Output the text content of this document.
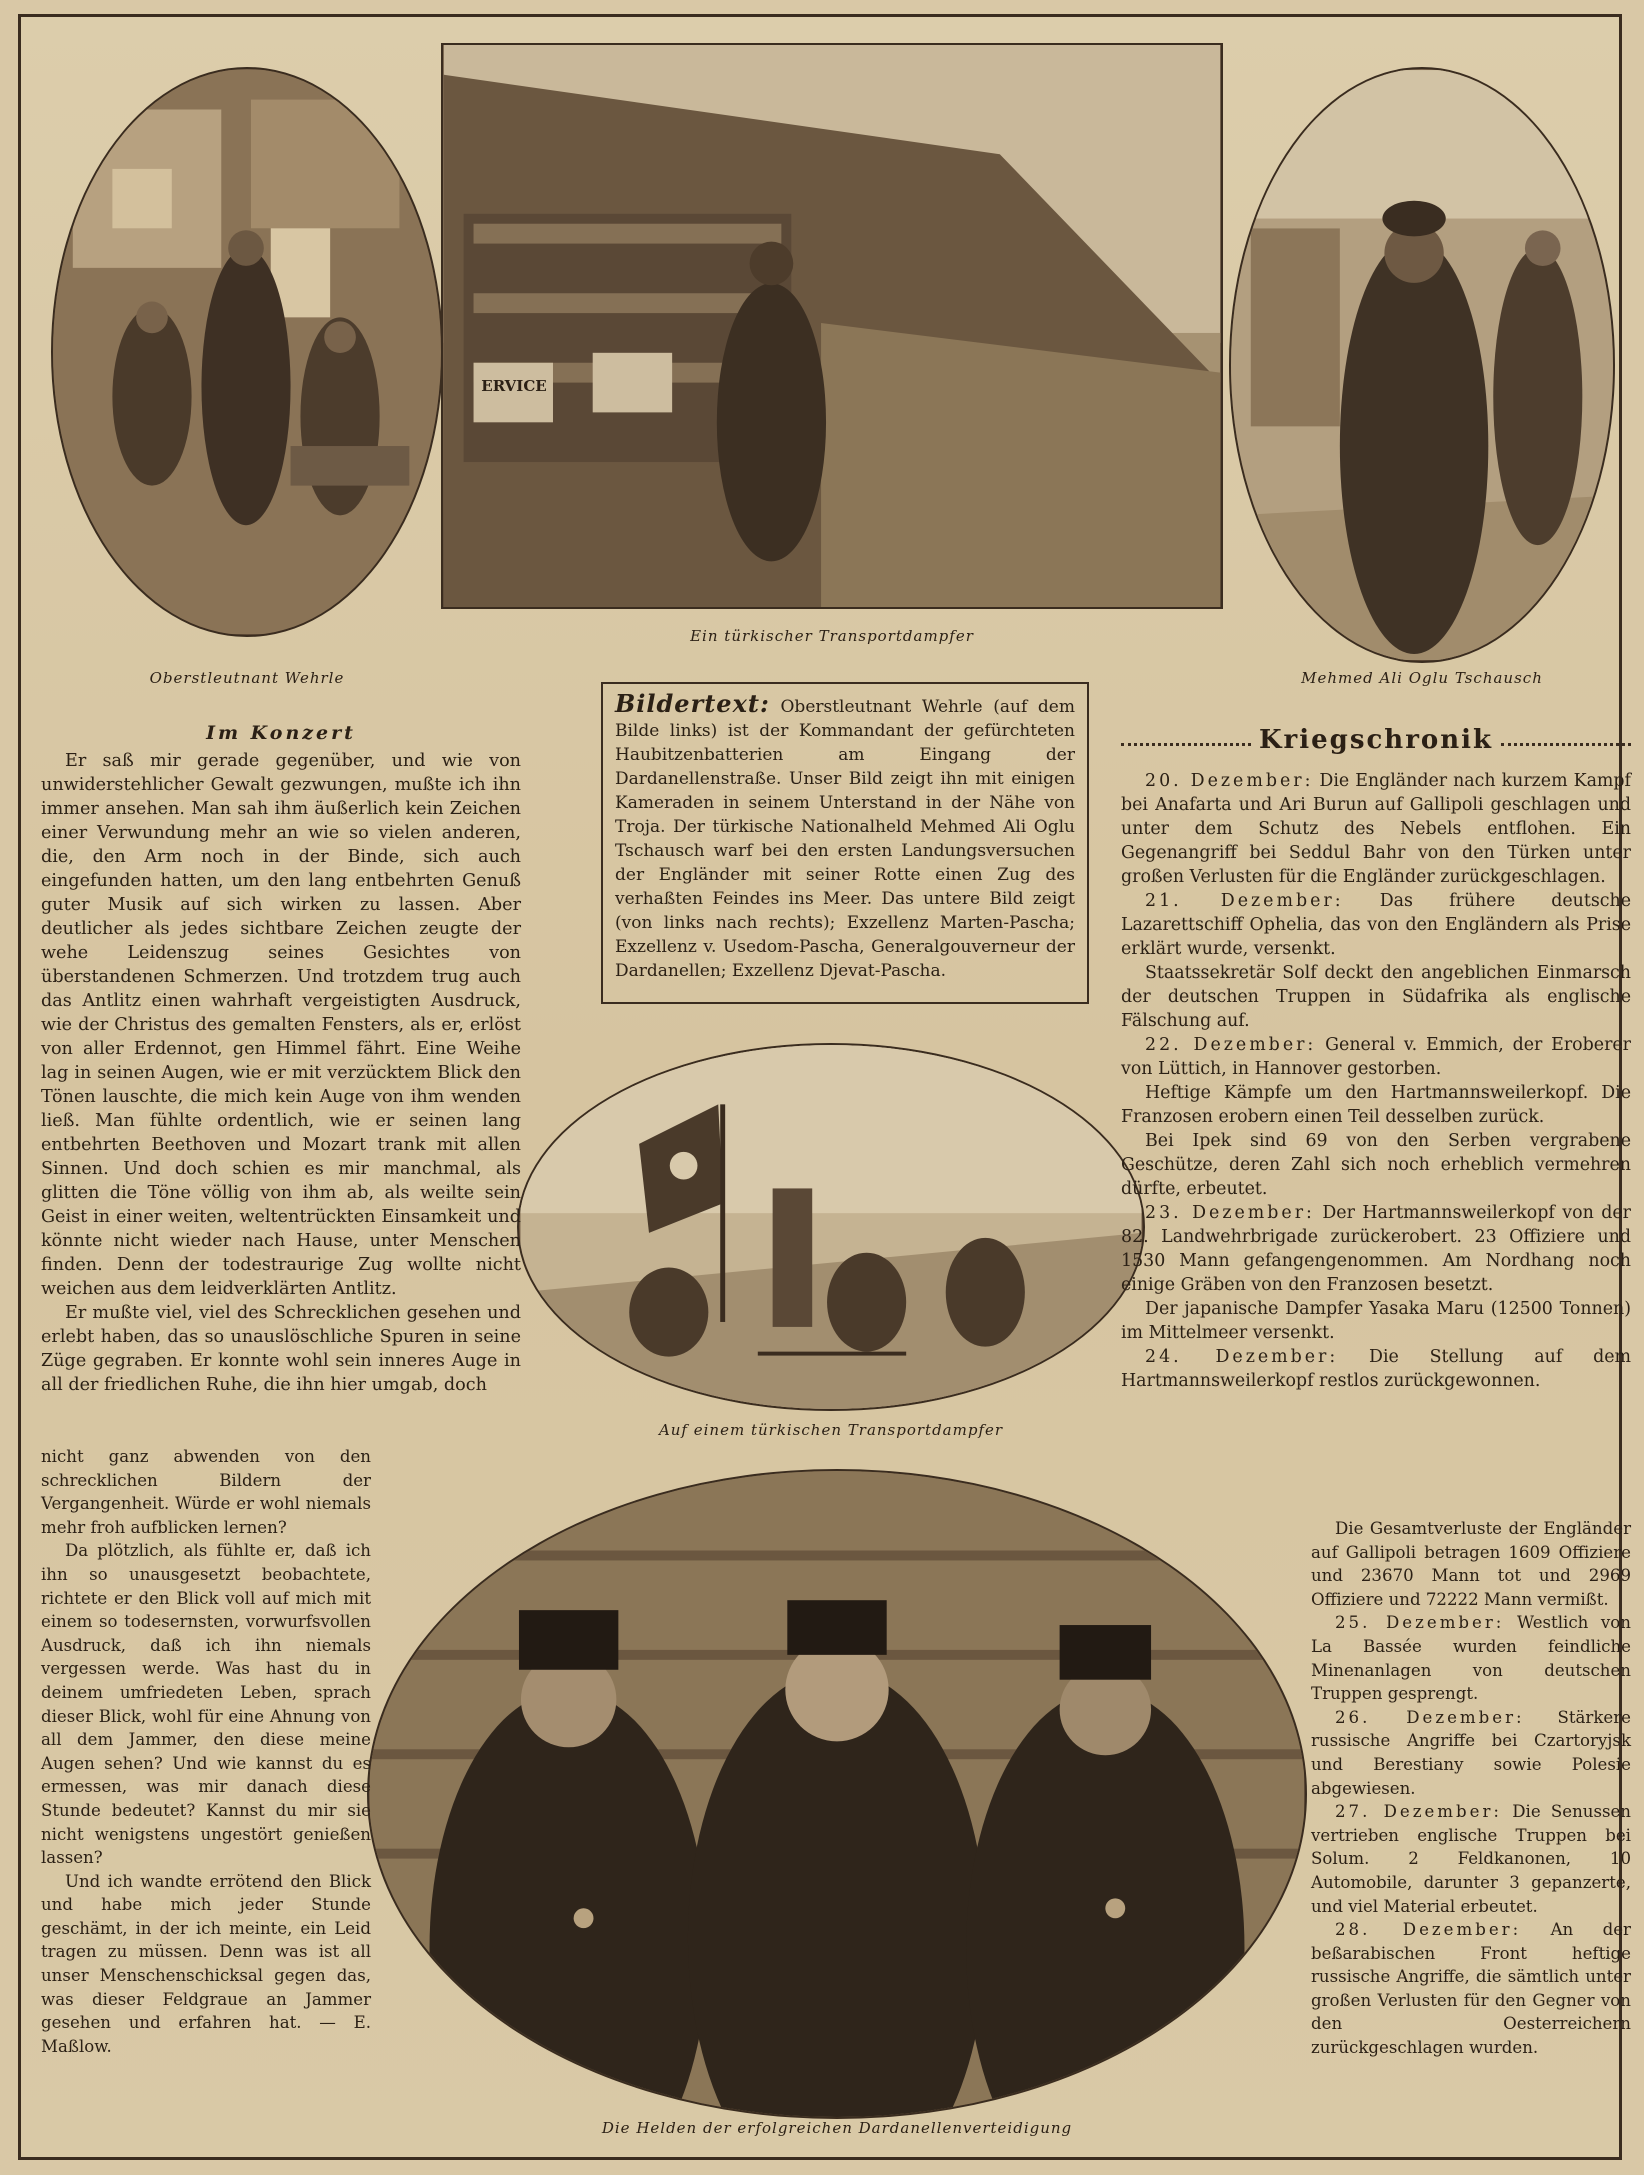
Oberstleutnant Wehrle
ERVICE
Ein türkischer Transportdampfer
Mehmed Ali Oglu Tschausch
Bildertext: Oberstleutnant Wehrle (auf dem Bilde links) ist der Kommandant der gefürchteten Haubitzenbatterien am Eingang der Dardanellenstraße. Unser Bild zeigt ihn mit einigen Kameraden in seinem Unterstand in der Nähe von Troja. Der türkische Nationalheld Mehmed Ali Oglu Tschausch warf bei den ersten Landungsversuchen der Engländer mit seiner Rotte einen Zug des verhaßten Feindes ins Meer. Das untere Bild zeigt (von links nach rechts); Exzellenz Marten-Pascha; Exzellenz v. Usedom-Pascha, Generalgouverneur der Dardanellen; Exzellenz Djevat-Pascha.
Auf einem türkischen Transportdampfer
Die Helden der erfolgreichen Dardanellenverteidigung

Im Konzert

Er saß mir gerade gegenüber, und wie von unwiderstehlicher Gewalt gezwungen, mußte ich ihn immer ansehen. Man sah ihm äußerlich kein Zeichen einer Verwundung mehr an wie so vielen anderen, die, den Arm noch in der Binde, sich auch eingefunden hatten, um den lang entbehrten Genuß guter Musik auf sich wirken zu lassen. Aber deutlicher als jedes sichtbare Zeichen zeugte der wehe Leidenszug seines Gesichtes von überstandenen Schmerzen. Und trotzdem trug auch das Antlitz einen wahrhaft vergeistigten Ausdruck, wie der Christus des gemalten Fensters, als er, erlöst von aller Erdennot, gen Himmel fährt. Eine Weihe lag in seinen Augen, wie er mit verzücktem Blick den Tönen lauschte, die mich kein Auge von ihm wenden ließ. Man fühlte ordentlich, wie er seinen lang entbehrten Beethoven und Mozart trank mit allen Sinnen. Und doch schien es mir manchmal, als glitten die Töne völlig von ihm ab, als weilte sein Geist in einer weiten, weltentrückten Einsamkeit und könnte nicht wieder nach Hause, unter Menschen finden. Denn der todestraurige Zug wollte nicht weichen aus dem leidverklärten Antlitz.

Er mußte viel, viel des Schrecklichen gesehen und erlebt haben, das so unauslöschliche Spuren in seine Züge gegraben. Er konnte wohl sein inneres Auge in all der friedlichen Ruhe, die ihn hier umgab, doch

nicht ganz abwenden von den schrecklichen Bildern der Vergangenheit. Würde er wohl niemals mehr froh aufblicken lernen?

Da plötzlich, als fühlte er, daß ich ihn so unausgesetzt beobachtete, richtete er den Blick voll auf mich mit einem so todesernsten, vorwurfsvollen Ausdruck, daß ich ihn niemals vergessen werde. Was hast du in deinem umfriedeten Leben, sprach dieser Blick, wohl für eine Ahnung von all dem Jammer, den diese meine Augen sehen? Und wie kannst du es ermessen, was mir danach diese Stunde bedeutet? Kannst du mir sie nicht wenigstens ungestört genießen lassen?

Und ich wandte errötend den Blick und habe mich jeder Stunde geschämt, in der ich meinte, ein Leid tragen zu müssen. Denn was ist all unser Menschenschicksal gegen das, was dieser Feldgraue an Jammer gesehen und erfahren hat. — E. Maßlow.

Kriegschronik

20. Dezember: Die Engländer nach kurzem Kampf bei Anafarta und Ari Burun auf Gallipoli geschlagen und unter dem Schutz des Nebels entflohen. Ein Gegenangriff bei Seddul Bahr von den Türken unter großen Verlusten für die Engländer zurückgeschlagen.

21. Dezember: Das frühere deutsche Lazarettschiff Ophelia, das von den Engländern als Prise erklärt wurde, versenkt.

Staatssekretär Solf deckt den angeblichen Einmarsch der deutschen Truppen in Südafrika als englische Fälschung auf.

22. Dezember: General v. Emmich, der Eroberer von Lüttich, in Hannover gestorben.

Heftige Kämpfe um den Hartmannsweilerkopf. Die Franzosen erobern einen Teil desselben zurück.

Bei Ipek sind 69 von den Serben vergrabene Geschütze, deren Zahl sich noch erheblich vermehren dürfte, erbeutet.

23. Dezember: Der Hartmannsweilerkopf von der 82. Landwehrbrigade zurückerobert. 23 Offiziere und 1530 Mann gefangengenommen. Am Nordhang noch einige Gräben von den Franzosen besetzt.

Der japanische Dampfer Yasaka Maru (12500 Tonnen) im Mittelmeer versenkt.

24. Dezember: Die Stellung auf dem Hartmannsweilerkopf restlos zurückgewonnen.

Die Gesamtverluste der Engländer auf Gallipoli betragen 1609 Offiziere und 23670 Mann tot und 2969 Offiziere und 72222 Mann vermißt.

25. Dezember: Westlich von La Bassée wurden feindliche Minenanlagen von deutschen Truppen gesprengt.

26. Dezember: Stärkere russische Angriffe bei Czartoryjsk und Berestiany sowie Polesie abgewiesen.

27. Dezember: Die Senussen vertrieben englische Truppen bei Solum. 2 Feldkanonen, 10 Automobile, darunter 3 gepanzerte, und viel Material erbeutet.

28. Dezember: An der beßarabischen Front heftige russische Angriffe, die sämtlich unter großen Verlusten für den Gegner von den Oesterreichern zurückgeschlagen wurden.
